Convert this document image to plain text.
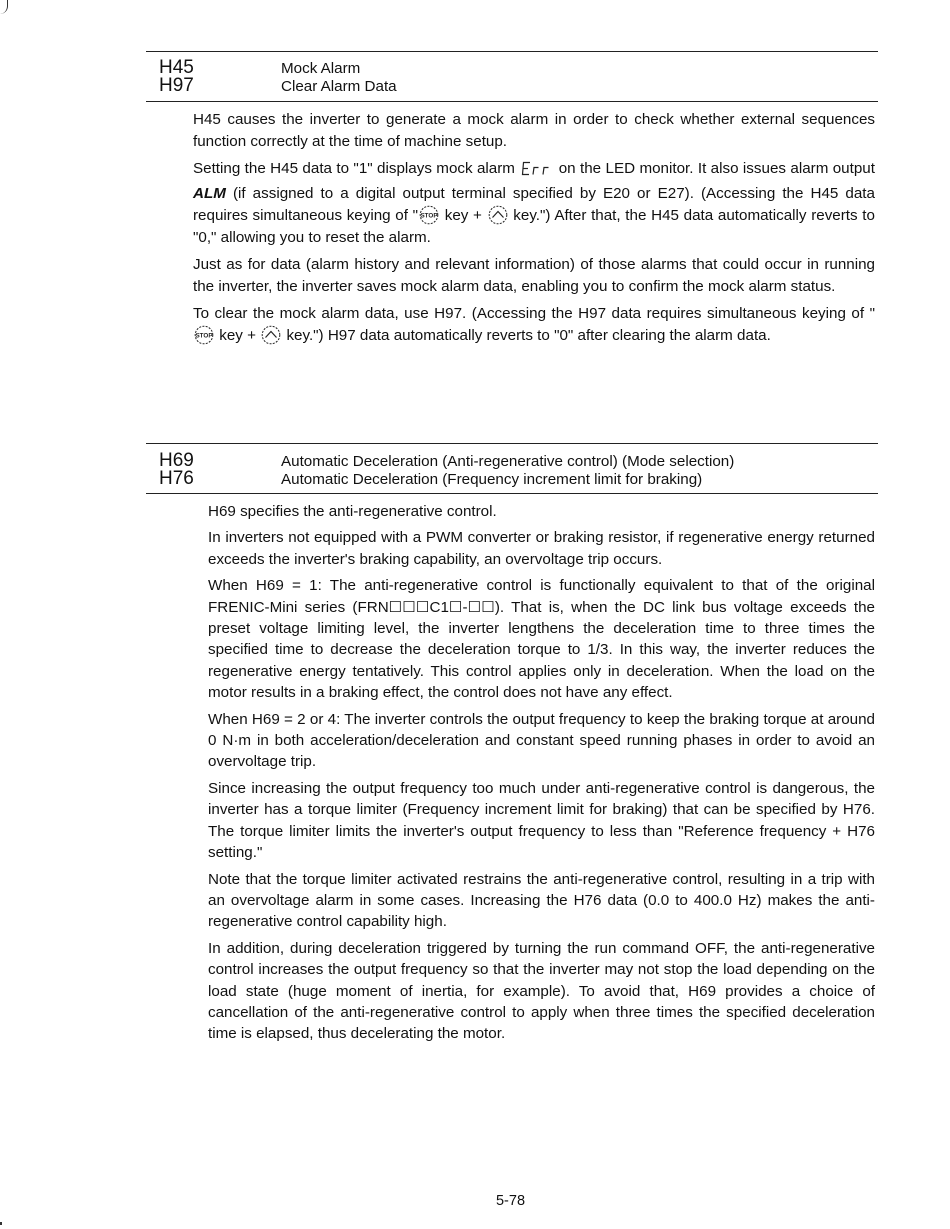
H45	Mock Alarm
H97	Clear Alarm Data

H45 causes the inverter to generate a mock alarm in order to check whether external sequences function correctly at the time of machine setup.

Setting the H45 data to "1" displays mock alarm	Err on the LED monitor. It also issues alarm output ALM (if assigned to a digital output terminal specified by E20 or E27). (Accessing the H45 data requires simultaneous keying of " STOP key + key.") After that, the H45 data automatically reverts to "0," allowing you to reset the alarm.

Just as for data (alarm history and relevant information) of those alarms that could occur in running the inverter, the inverter saves mock alarm data, enabling you to confirm the mock alarm status.

To clear the mock alarm data, use H97. (Accessing the H97 data requires simultaneous keying of "
STOP key + key.") H97 data automatically reverts to "0" after clearing the alarm data.

H69	Automatic Deceleration (Anti-regenerative control) (Mode selection)
H76	Automatic Deceleration (Frequency increment limit for braking)

H69 specifies the anti-regenerative control.

In inverters not equipped with a PWM converter or braking resistor, if regenerative energy returned exceeds the inverter's braking capability, an overvoltage trip occurs.

When H69 = 1: The anti-regenerative control is functionally equivalent to that of the original FRENIC-Mini series (FRN☐☐☐C1☐-☐☐). That is, when the DC link bus voltage exceeds the preset voltage limiting level, the inverter lengthens the deceleration time to three times the specified time to decrease the deceleration torque to 1/3. In this way, the inverter reduces the regenerative energy tentatively. This control applies only in deceleration. When the load on the motor results in a braking effect, the control does not have any effect.

When H69 = 2 or 4: The inverter controls the output frequency to keep the braking torque at around 0 N·m in both acceleration/deceleration and constant speed running phases in order to avoid an overvoltage trip.

Since increasing the output frequency too much under anti-regenerative control is dangerous, the inverter has a torque limiter (Frequency increment limit for braking) that can be specified by H76. The torque limiter limits the inverter's output frequency to less than "Reference frequency + H76 setting."

Note that the torque limiter activated restrains the anti-regenerative control, resulting in a trip with an overvoltage alarm in some cases. Increasing the H76 data (0.0 to 400.0 Hz) makes the anti-regenerative control capability high.

In addition, during deceleration triggered by turning the run command OFF, the anti-regenerative control increases the output frequency so that the inverter may not stop the load depending on the load state (huge moment of inertia, for example). To avoid that, H69 provides a choice of cancellation of the anti-regenerative control to apply when three times the specified deceleration time is elapsed, thus decelerating the motor.

5-78
